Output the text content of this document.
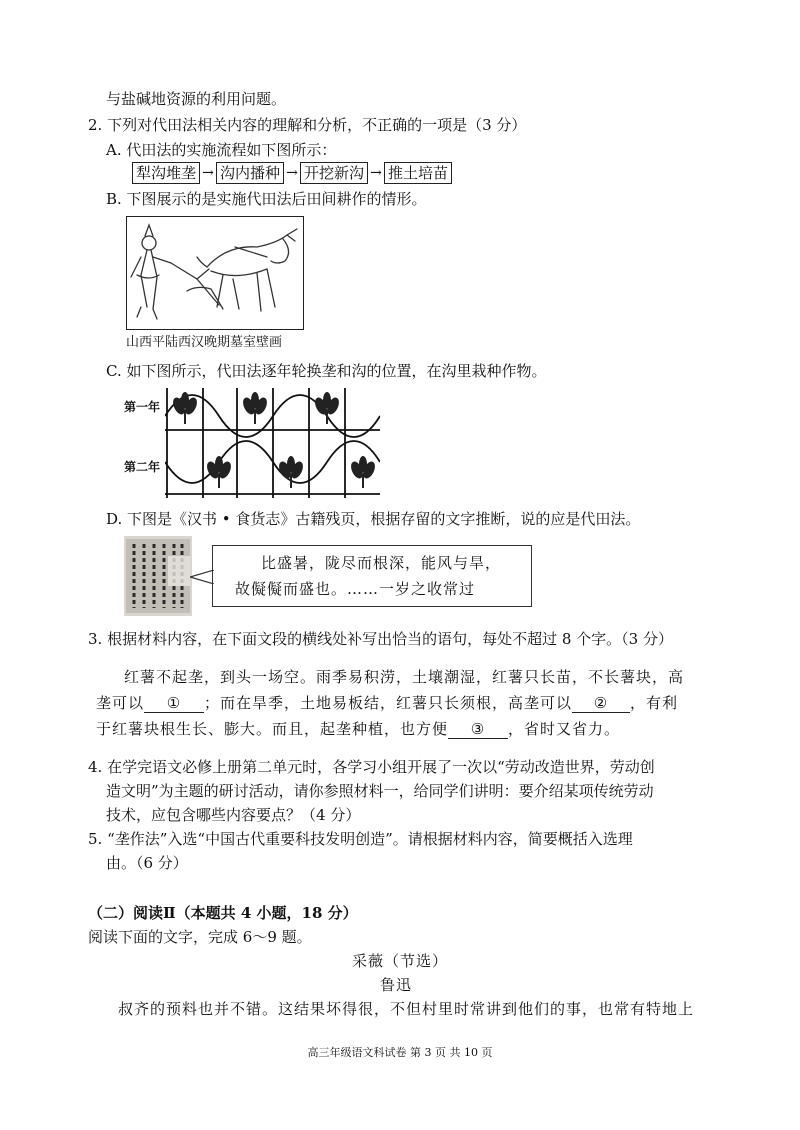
与盐碱地资源的利用问题。
2. 下列对代田法相关内容的理解和分析，不正确的一项是（3 分）
A. 代田法的实施流程如下图所示：
犁沟堆垄 → 沟内播种 → 开挖新沟 → 推土培苗
B. 下图展示的是实施代田法后田间耕作的情形。
山西平陆西汉晚期墓室壁画
C. 如下图所示，代田法逐年轮换垄和沟的位置，在沟里栽种作物。
第一年
第二年
D. 下图是《汉书 • 食货志》古籍残页，根据存留的文字推断，说的应是代田法。
比盛暑，陇尽而根深，能风与旱，
故儗儗而盛也。……一岁之收常过
3. 根据材料内容，在下面文段的横线处补写出恰当的语句，每处不超过 8 个字。（3 分）
红薯不起垄，到头一场空。雨季易积涝，土壤潮湿，红薯只长苗，不长薯块，高
垄可以 ① ；而在旱季，土地易板结，红薯只长须根，高垄可以 ② ，有利
于红薯块根生长、膨大。而且，起垄种植，也方便 ③ ，省时又省力。
4. 在学完语文必修上册第二单元时，各学习小组开展了一次以“劳动改造世界，劳动创
造文明”为主题的研讨活动，请你参照材料一，给同学们讲明：要介绍某项传统劳动
技术，应包含哪些内容要点？（4 分）
5. “垄作法”入选“中国古代重要科技发明创造”。请根据材料内容，简要概括入选理
由。（6 分）
（二）阅读Ⅱ（本题共 4 小题，18 分）
阅读下面的文字，完成 6～9 题。
采薇（节选）
鲁迅
叔齐的预料也并不错。这结果坏得很，不但村里时常讲到他们的事，也常有特地上
高三年级语文科试卷 第 3 页 共 10 页
